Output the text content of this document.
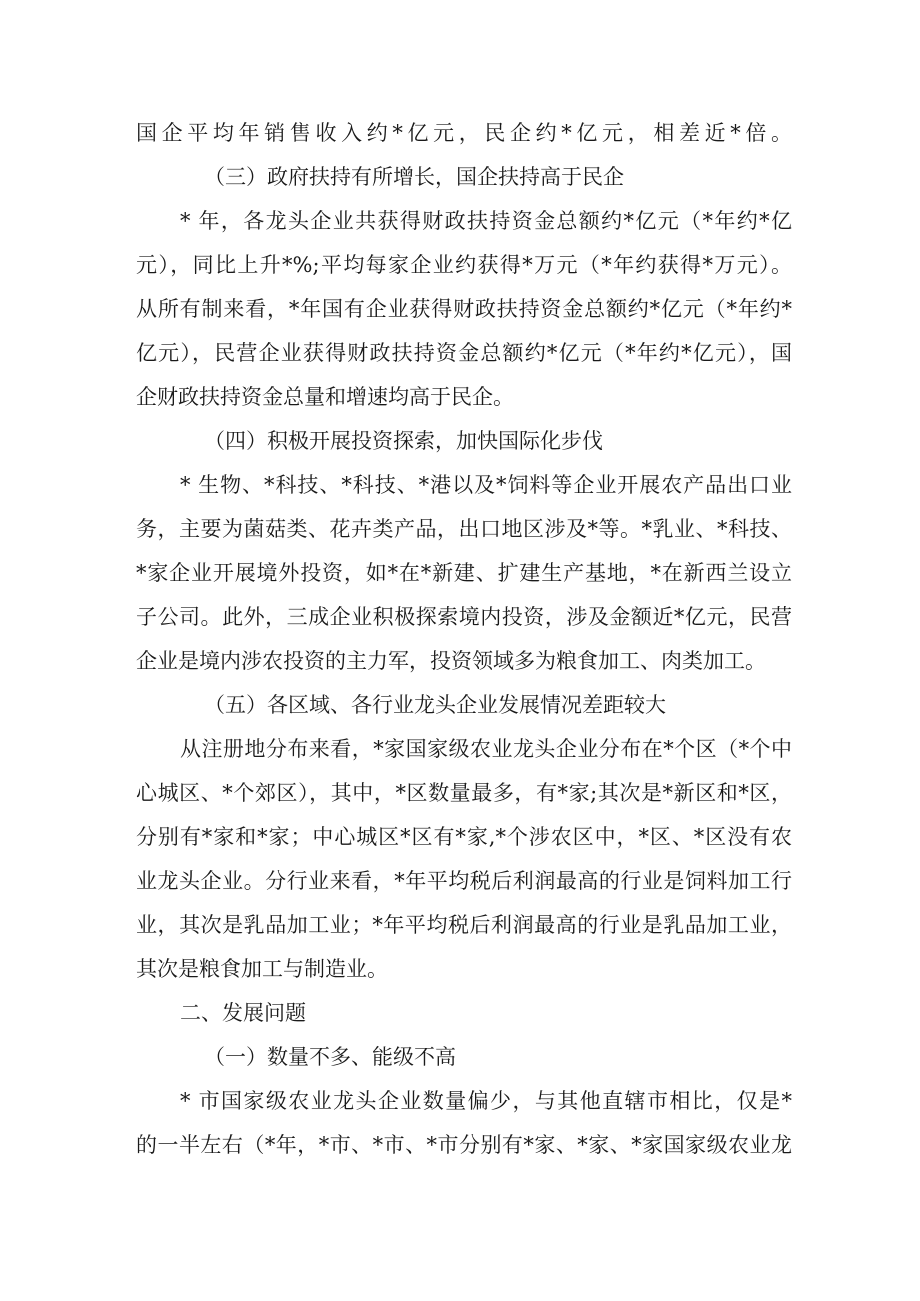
国企平均年销售收入约*亿元，民企约*亿元，相差近*倍。
（三）政府扶持有所增长，国企扶持高于民企
* 年，各龙头企业共获得财政扶持资金总额约*亿元（*年约*亿
元），同比上升*%;平均每家企业约获得*万元（*年约获得*万元）。
从所有制来看，*年国有企业获得财政扶持资金总额约*亿元（*年约*
亿元），民营企业获得财政扶持资金总额约*亿元（*年约*亿元），国
企财政扶持资金总量和增速均高于民企。
（四）积极开展投资探索，加快国际化步伐
* 生物、*科技、*科技、*港以及*饲料等企业开展农产品出口业
务，主要为菌菇类、花卉类产品，出口地区涉及*等。*乳业、*科技、
*家企业开展境外投资，如*在*新建、扩建生产基地，*在新西兰设立
子公司。此外，三成企业积极探索境内投资，涉及金额近*亿元，民营
企业是境内涉农投资的主力军，投资领域多为粮食加工、肉类加工。
（五）各区域、各行业龙头企业发展情况差距较大
从注册地分布来看，*家国家级农业龙头企业分布在*个区（*个中
心城区、*个郊区），其中，*区数量最多，有*家;其次是*新区和*区，
分别有*家和*家；中心城区*区有*家,*个涉农区中，*区、*区没有农
业龙头企业。分行业来看，*年平均税后利润最高的行业是饲料加工行
业，其次是乳品加工业；*年平均税后利润最高的行业是乳品加工业，
其次是粮食加工与制造业。
二、发展问题
（一）数量不多、能级不高
* 市国家级农业龙头企业数量偏少，与其他直辖市相比，仅是*
的一半左右（*年，*市、*市、*市分别有*家、*家、*家国家级农业龙
